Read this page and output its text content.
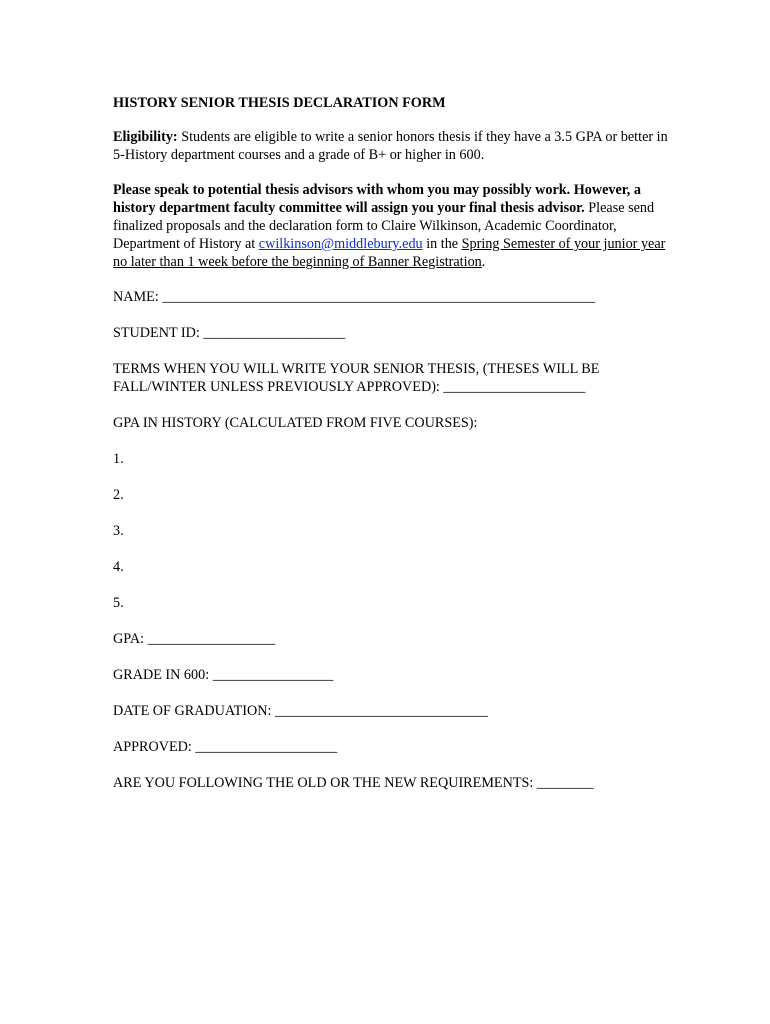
HISTORY SENIOR THESIS DECLARATION FORM

Eligibility: Students are eligible to write a senior honors thesis if they have a 3.5 GPA or better in 5-History department courses and a grade of B+ or higher in 600.

Please speak to potential thesis advisors with whom you may possibly work. However, a history department faculty committee will assign you your final thesis advisor. Please send finalized proposals and the declaration form to Claire Wilkinson, Academic Coordinator, Department of History at cwilkinson@middlebury.edu in the Spring Semester of your junior year no later than 1 week before the beginning of Banner Registration.

NAME: _____________________________________________________________

STUDENT ID: ____________________

TERMS WHEN YOU WILL WRITE YOUR SENIOR THESIS, (THESES WILL BE

FALL/WINTER UNLESS PREVIOUSLY APPROVED): ____________________

GPA IN HISTORY (CALCULATED FROM FIVE COURSES):

1.

2.

3.

4.

5.

GPA: __________________

GRADE IN 600: _________________

DATE OF GRADUATION: ______________________________

APPROVED: ____________________

ARE YOU FOLLOWING THE OLD OR THE NEW REQUIREMENTS: ________
